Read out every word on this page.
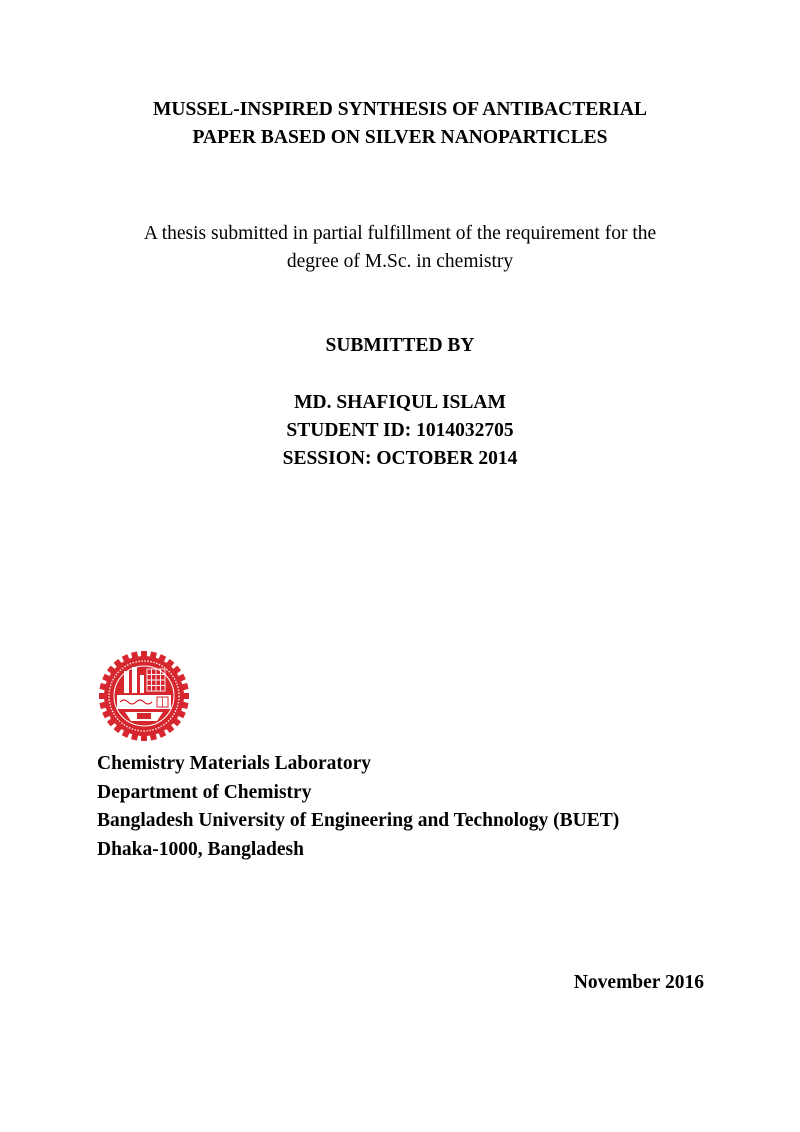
MUSSEL-INSPIRED SYNTHESIS OF ANTIBACTERIAL
PAPER BASED ON SILVER NANOPARTICLES
A thesis submitted in partial fulfillment of the requirement for the
degree of M.Sc. in chemistry
SUBMITTED BY
MD. SHAFIQUL ISLAM
STUDENT ID: 1014032705
SESSION: OCTOBER 2014
Chemistry Materials Laboratory
Department of Chemistry
Bangladesh University of Engineering and Technology (BUET)
Dhaka-1000, Bangladesh
November 2016
